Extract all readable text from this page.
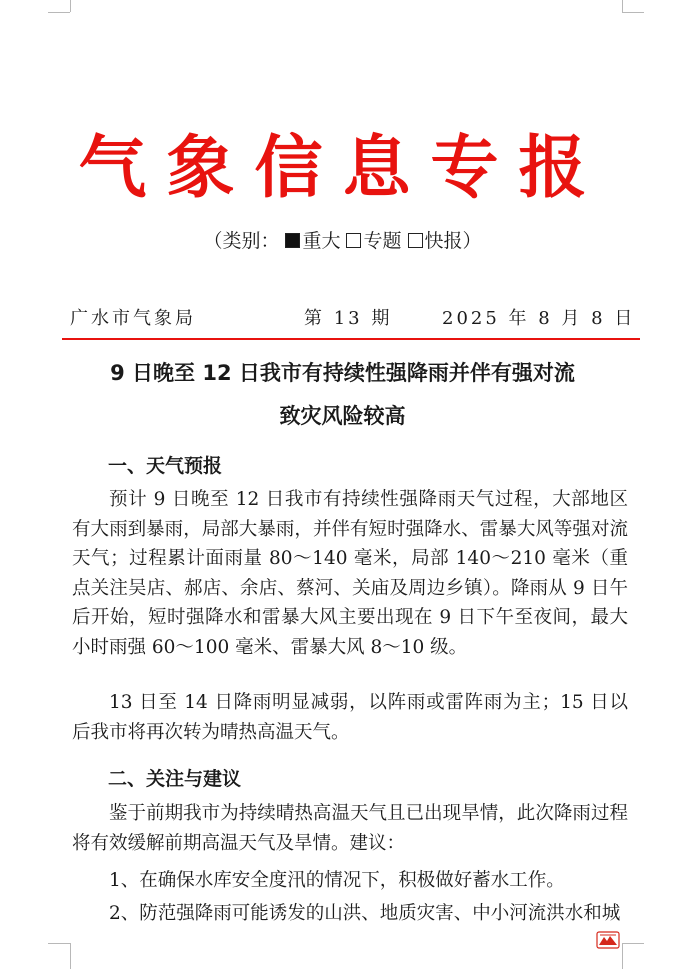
气象信息专报
（类别： 重大 专题 快报）
广水市气象局	第 13 期	2025 年 8 月 8 日
9 日晚至 12 日我市有持续性强降雨并伴有强对流
致灾风险较高
一、天气预报
预计 9 日晚至 12 日我市有持续性强降雨天气过程，大部地区有大雨到暴雨，局部大暴雨，并伴有短时强降水、雷暴大风等强对流天气；过程累计面雨量 80～140 毫米，局部 140～210 毫米（重点关注吴店、郝店、余店、蔡河、关庙及周边乡镇）。降雨从 9 日午后开始，短时强降水和雷暴大风主要出现在 9 日下午至夜间，最大小时雨强 60～100 毫米、雷暴大风 8～10 级。
13 日至 14 日降雨明显减弱，以阵雨或雷阵雨为主；15 日以后我市将再次转为晴热高温天气。
二、关注与建议
鉴于前期我市为持续晴热高温天气且已出现旱情，此次降雨过程将有效缓解前期高温天气及旱情。建议：
1、在确保水库安全度汛的情况下，积极做好蓄水工作。
2、防范强降雨可能诱发的山洪、地质灾害、中小河流洪水和城
